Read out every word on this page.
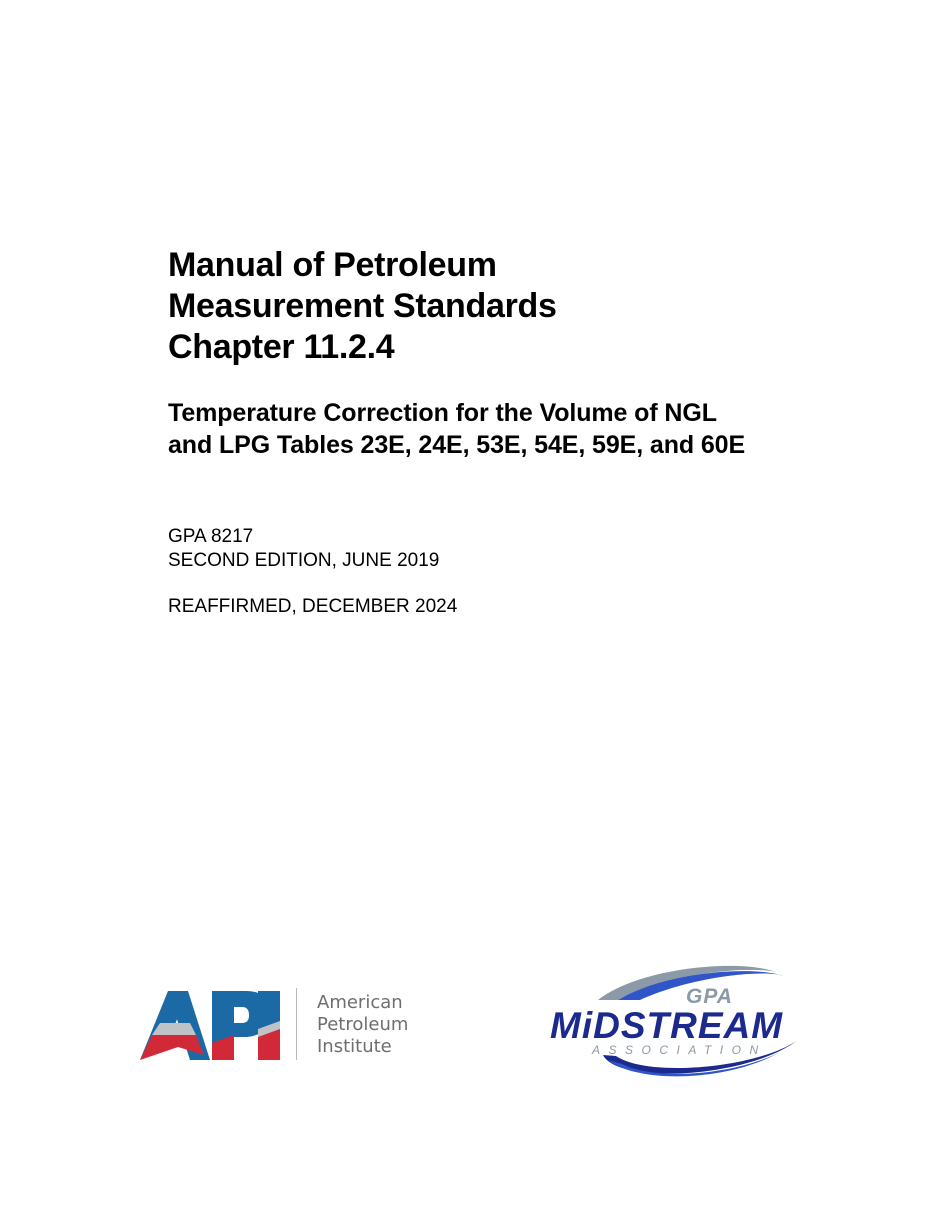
Manual of Petroleum
Measurement Standards
Chapter 11.2.4
Temperature Correction for the Volume of NGL
and LPG Tables 23E, 24E, 53E, 54E, 59E, and 60E
GPA 8217
SECOND EDITION, JUNE 2019
REAFFIRMED, DECEMBER 2024
American
Petroleum
Institute
GPA
MiDSTREAM
ASSOCIATION
